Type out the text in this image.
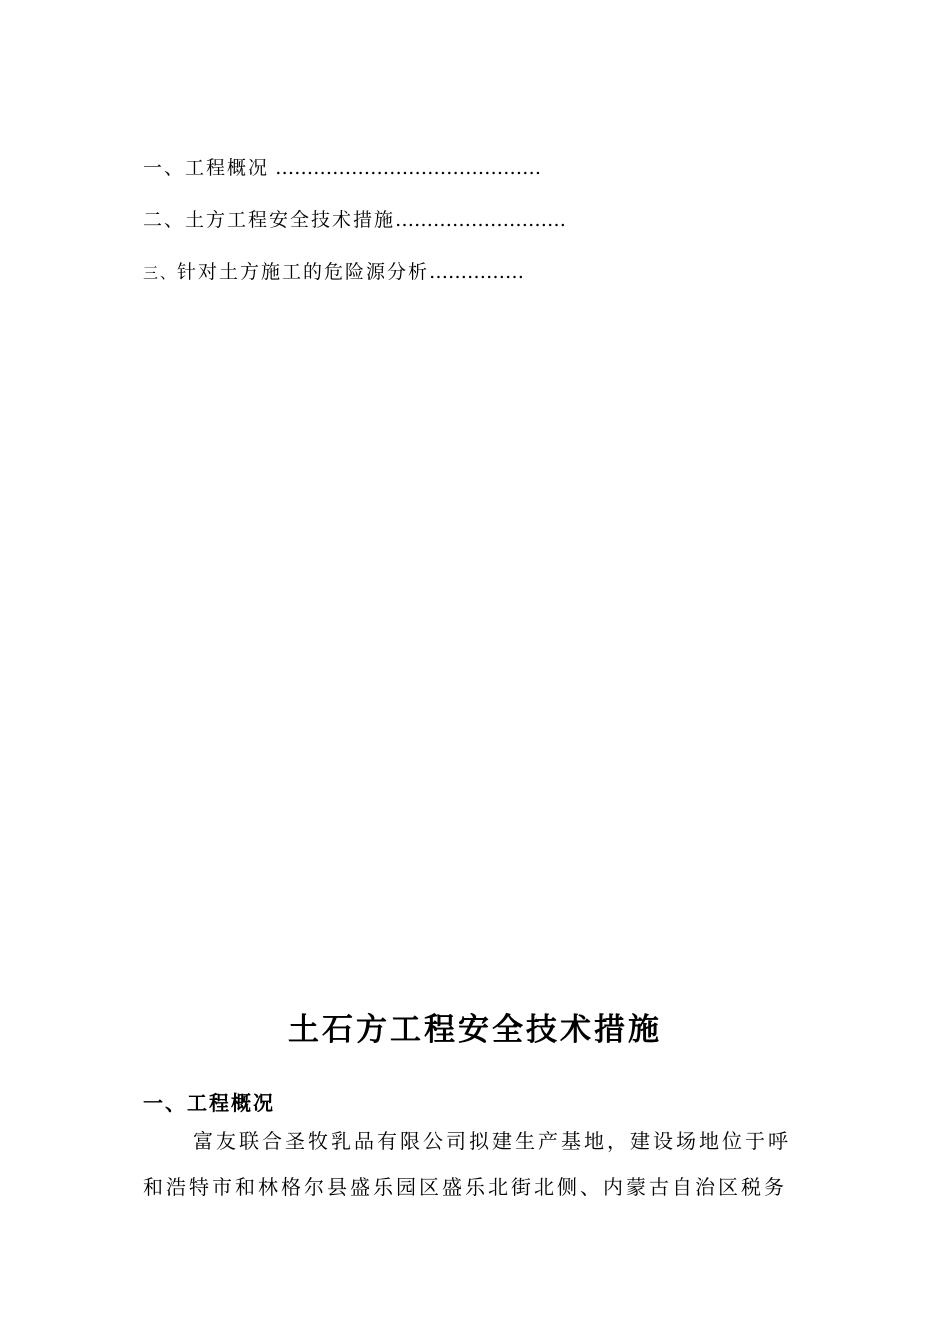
一、工程概况 ……………………………………
二、土方工程安全技术措施………………………
三、针对土方施工的危险源分析……………
土石方工程安全技术措施
一、工程概况
富友联合圣牧乳品有限公司拟建生产基地，建设场地位于呼
和浩特市和林格尔县盛乐园区盛乐北街北侧、内蒙古自治区税务
